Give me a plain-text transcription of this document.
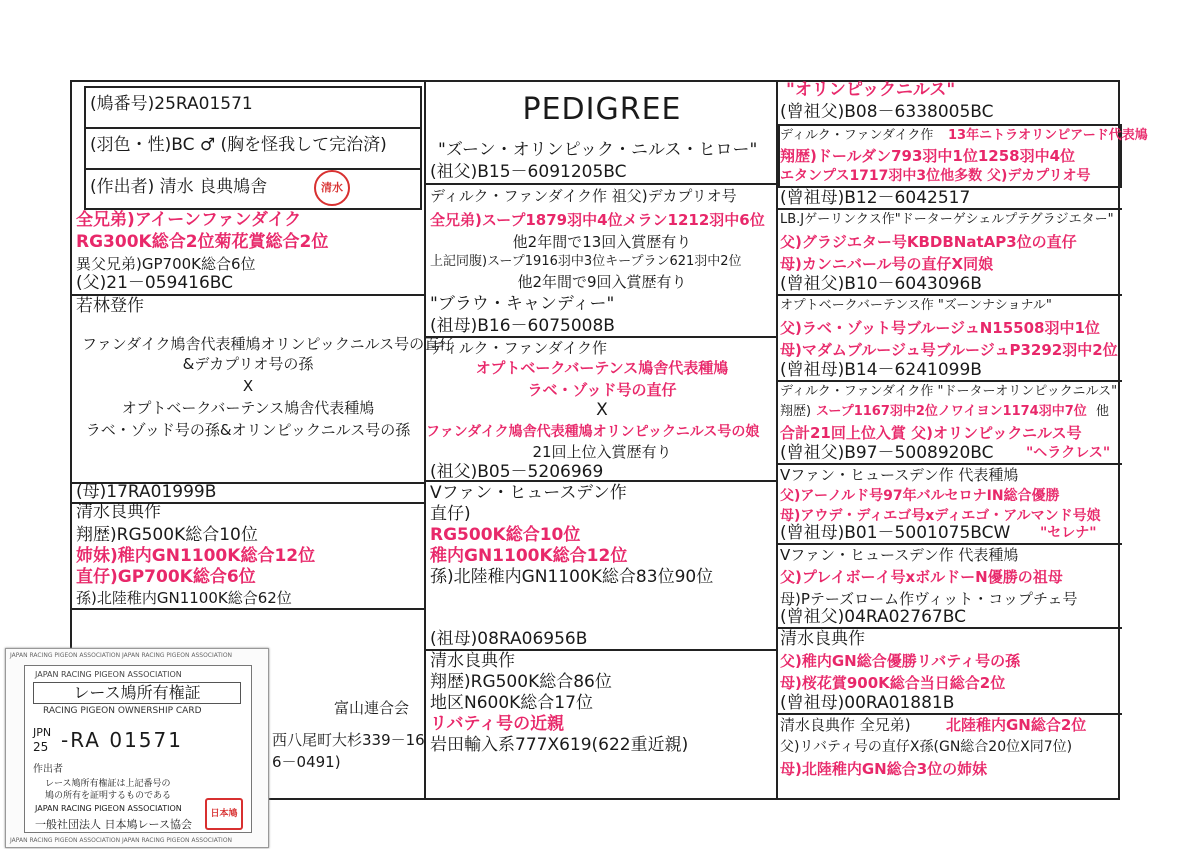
(鳩番号)25RA01571
(羽色・性)BC ♂ (胸を怪我して完治済)
(作出者) 清水 良典鳩舎	清水
全兄弟)アイーンファンダイク
RG300K総合2位菊花賞総合2位
異父兄弟)GP700K総合6位
(父)21－059416BC
若林登作
ファンダイク鳩舎代表種鳩オリンピックニルス号の直仔
&デカプリオ号の孫
X
オプトベークバーテンス鳩舎代表種鳩
ラベ・ゾッド号の孫&オリンピックニルス号の孫
(母)17RA01999B
清水良典作
翔歴)RG500K総合10位
姉妹)稚内GN1100K総合12位
直仔)GP700K総合6位
孫)北陸稚内GN1100K総合62位
富山連合会
西八尾町大杉339－16
6－0491)
PEDIGREE
"ズーン・オリンピック・ニルス・ヒロー"
(祖父)B15－6091205BC
ディルク・ファンダイク作 祖父)デカプリオ号
全兄弟)スープ1879羽中4位メラン1212羽中6位
他2年間で13回入賞歴有り
上記同腹)スープ1916羽中3位キープラン621羽中2位
他2年間で9回入賞歴有り
"ブラウ・キャンディー"
(祖母)B16－6075008B
ディルク・ファンダイク作
オプトベークバーテンス鳩舎代表種鳩
ラベ・ゾッド号の直仔
X
ファンダイク鳩舎代表種鳩オリンピックニルス号の娘
21回上位入賞歴有り
(祖父)B05－5206969
Vファン・ヒュースデン作
直仔)
RG500K総合10位
稚内GN1100K総合12位
孫)北陸稚内GN1100K総合83位90位
(祖母)08RA06956B
清水良典作
翔歴)RG500K総合86位
地区N600K総合17位
リバティ号の近親
岩田輸入系777X619(622重近親)
"オリンピックニルス"
(曾祖父)B08－6338005BC
ディルク・ファンダイク作 13年ニトラオリンピアード代表鳩
翔歴)ドールダン793羽中1位1258羽中4位
エタンプス1717羽中3位他多数 父)デカプリオ号
(曾祖母)B12－6042517
LB.Jゲーリンクス作"ドーターゲシェルプテグラジエター"
父)グラジエター号KBDBNatAP3位の直仔
母)カンニバール号の直仔X同娘
(曾祖父)B10－6043096B
オプトベークバーテンス作 "ズーンナショナル"
父)ラベ・ゾット号ブルージュN15508羽中1位
母)マダムブルージュ号ブルージュP3292羽中2位
(曾祖母)B14－6241099B
ディルク・ファンダイク作 "ドーターオリンピックニルス"
翔歴) スープ1167羽中2位ノワイヨン1174羽中7位 他
合計21回上位入賞 父)オリンピックニルス号
(曾祖父)B97－5008920BC "ヘラクレス"
Vファン・ヒュースデン作 代表種鳩
父)アーノルド号97年バルセロナIN総合優勝
母)アウデ・ディエゴ号xディエゴ・アルマンド号娘
(曾祖母)B01－5001075BCW "セレナ"
Vファン・ヒュースデン作 代表種鳩
父)プレイボーイ号xボルドーN優勝の祖母
母)Pテーズローム作ヴィット・コップチェ号
(曾祖父)04RA02767BC
清水良典作
父)稚内GN総合優勝リバティ号の孫
母)桜花賞900K総合当日総合2位
(曾祖母)00RA01881B
清水良典作 全兄弟) 北陸稚内GN総合2位
父)リバティ号の直仔X孫(GN総合20位X同7位)
母)北陸稚内GN総合3位の姉妹
JAPAN RACING PIGEON ASSOCIATION JAPAN RACING PIGEON ASSOCIATION
JAPAN RACING PIGEON ASSOCIATION JAPAN RACING PIGEON ASSOCIATION
JAPAN RACING PIGEON ASSOCIATION
レース鳩所有権証
RACING PIGEON OWNERSHIP CARD
JPN
25 -RA 01571
作出者
レース鳩所有権証は上記番号の
鳩の所有を証明するものである
JAPAN RACING PIGEON ASSOCIATION
一般社団法人 日本鳩レース協会
日本鳩
